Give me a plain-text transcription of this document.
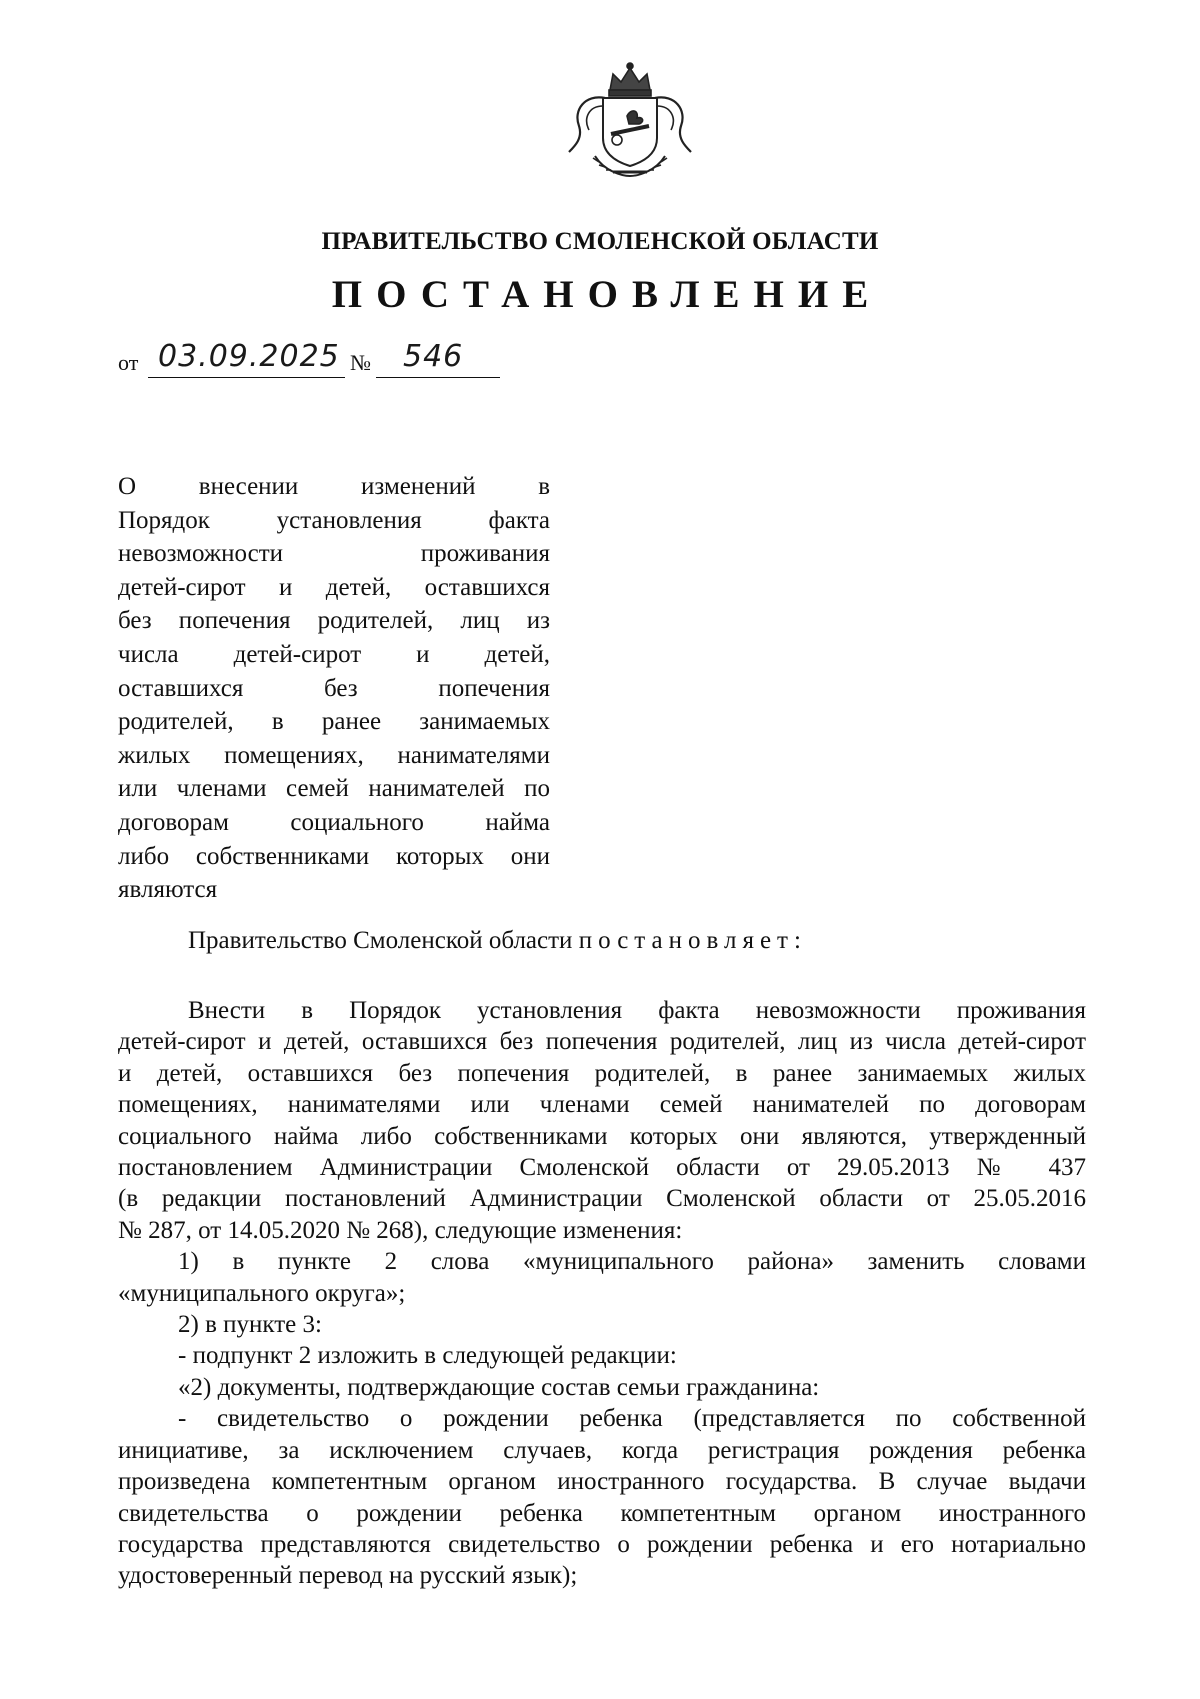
ПРАВИТЕЛЬСТВО СМОЛЕНСКОЙ ОБЛАСТИ
ПОСТАНОВЛЕНИЕ
от 03.09.2025 № 546
О внесении изменений в
Порядок установления факта
невозможности проживания
детей-сирот и детей, оставшихся
без попечения родителей, лиц из
числа детей-сирот и детей,
оставшихся без попечения
родителей, в ранее занимаемых
жилых помещениях, нанимателями
или членами семей нанимателей по
договорам социального найма
либо собственниками которых они
являются
Правительство Смоленской области постановляет:
Внести в Порядок установления факта невозможности проживания
детей-сирот и детей, оставшихся без попечения родителей, лиц из числа детей-сирот
и детей, оставшихся без попечения родителей, в ранее занимаемых жилых
помещениях, нанимателями или членами семей нанимателей по договорам
социального найма либо собственниками которых они являются, утвержденный
постановлением Администрации Смоленской области от 29.05.2013 № 437
(в редакции постановлений Администрации Смоленской области от 25.05.2016
№ 287, от 14.05.2020 № 268), следующие изменения:
1) в пункте 2 слова «муниципального района» заменить словами
«муниципального округа»;
2) в пункте 3:
- подпункт 2 изложить в следующей редакции:
«2) документы, подтверждающие состав семьи гражданина:
- свидетельство о рождении ребенка (представляется по собственной
инициативе, за исключением случаев, когда регистрация рождения ребенка
произведена компетентным органом иностранного государства. В случае выдачи
свидетельства о рождении ребенка компетентным органом иностранного
государства представляются свидетельство о рождении ребенка и его нотариально
удостоверенный перевод на русский язык);
